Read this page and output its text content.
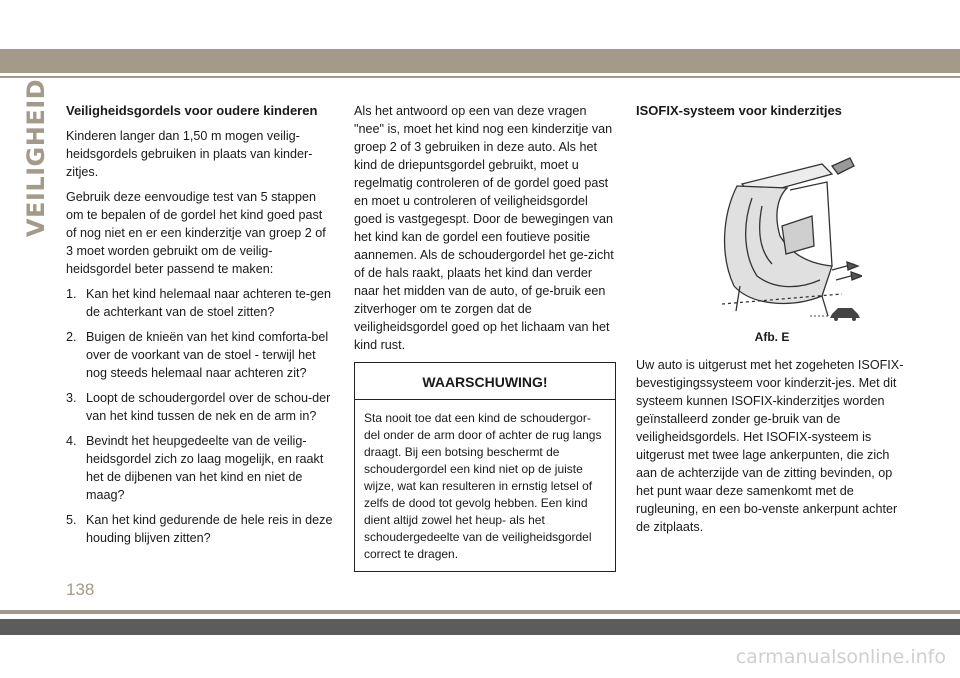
VEILIGHEID Veiligheidsgordels voor oudere kinderen

Kinderen langer dan 1,50 m mogen veilig-heidsgordels gebruiken in plaats van kinder-zitjes.

Gebruik deze eenvoudige test van 5 stappen om te bepalen of de gordel het kind goed past of nog niet en er een kinderzitje van groep 2 of 3 moet worden gebruikt om de veilig-heidsgordel beter passend te maken:

1. Kan het kind helemaal naar achteren te-gen de achterkant van de stoel zitten?
2. Buigen de knieën van het kind comforta-bel over de voorkant van de stoel - terwijl het nog steeds helemaal naar achteren zit?
3. Loopt de schoudergordel over de schou-der van het kind tussen de nek en de arm in?
4. Bevindt het heupgedeelte van de veilig-heidsgordel zich zo laag mogelijk, en raakt het de dijbenen van het kind en niet de maag?
5. Kan het kind gedurende de hele reis in deze houding blijven zitten?

Als het antwoord op een van deze vragen "nee" is, moet het kind nog een kinderzitje van groep 2 of 3 gebruiken in deze auto. Als het kind de driepuntsgordel gebruikt, moet u regelmatig controleren of de gordel goed past en moet u controleren of veiligheidsgordel goed is vastgegespt. Door de bewegingen van het kind kan de gordel een foutieve positie aannemen. Als de schoudergordel het ge-zicht of de hals raakt, plaats het kind dan verder naar het midden van de auto, of ge-bruik een zitverhoger om te zorgen dat de veiligheidsgordel goed op het lichaam van het kind rust.

WAARSCHUWING!
Sta nooit toe dat een kind de schoudergor-del onder de arm door of achter de rug langs draagt. Bij een botsing beschermt de schoudergordel een kind niet op de juiste wijze, wat kan resulteren in ernstig letsel of zelfs de dood tot gevolg hebben. Een kind dient altijd zowel het heup- als het schoudergedeelte van de veiligheidsgordel correct te dragen.
ISOFIX-systeem voor kinderzitjes
Afb. E

Uw auto is uitgerust met het zogeheten ISOFIX-bevestigingssysteem voor kinderzit-jes. Met dit systeem kunnen ISOFIX-kinderzitjes worden geïnstalleerd zonder ge-bruik van de veiligheidsgordels. Het ISOFIX-systeem is uitgerust met twee lage ankerpunten, die zich aan de achterzijde van de zitting bevinden, op het punt waar deze samenkomt met de rugleuning, en een bo-venste ankerpunt achter de zitplaats.

138
carmanualsonline.info
